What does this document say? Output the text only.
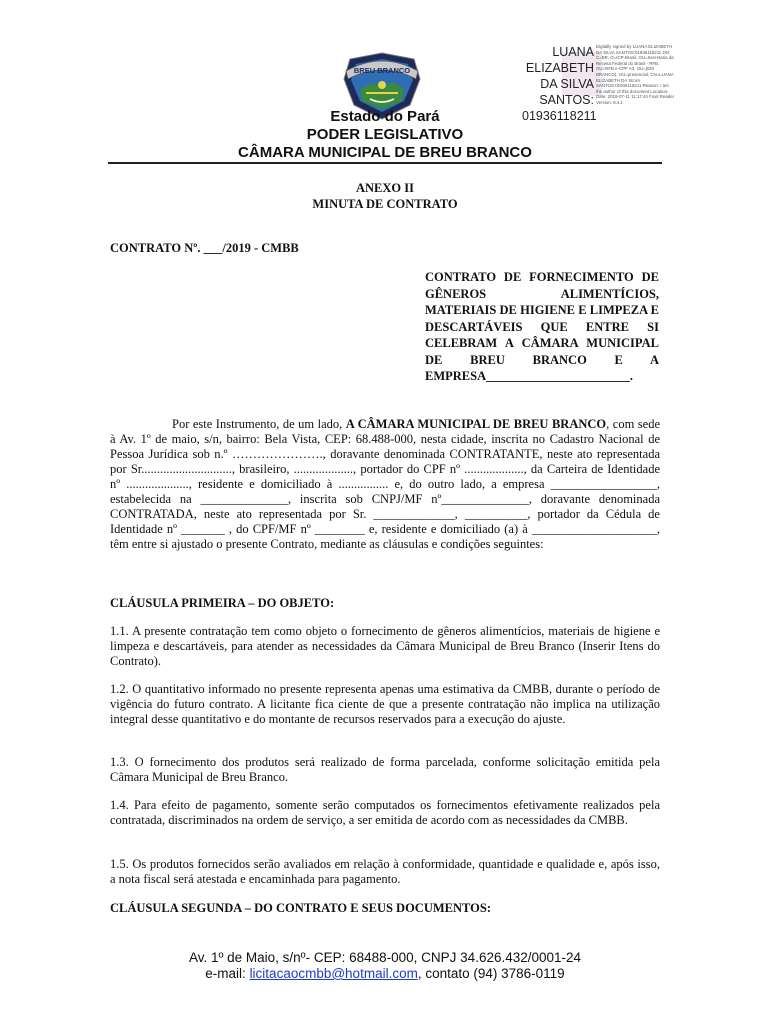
BREU BRANCO
LUANA
ELIZABETH
DA SILVA
SANTOS:
01936118211
Digitally signed by LUANA ELIZABETH DA SILVA SANTOS:01936118211 DN: C=BR, O=ICP-Brasil, OU=Secretaria da Receita Federal do Brasil - RFB, OU=RFB e-CPF A3, OU=(EM BRANCO), OU=presencial, CN=LUANA ELIZABETH DA SILVA SANTOS:01936118211 Reason: I am the author of this document Location: Date: 2019-07-11 11:17:44 Foxit Reader Version: 9.4.1
Estado do Pará
PODER LEGISLATIVO
CÂMARA MUNICIPAL DE BREU BRANCO
ANEXO II
MINUTA DE CONTRATO
CONTRATO Nº. ___/2019 - CMBB
CONTRATO DE FORNECIMENTO DE GÊNEROS ALIMENTÍCIOS, MATERIAIS DE HIGIENE E LIMPEZA E DESCARTÁVEIS QUE ENTRE SI CELEBRAM A CÂMARA MUNICIPAL DE BREU BRANCO E A EMPRESA_______________________.
Por este Instrumento, de um lado, A CÂMARA MUNICIPAL DE BREU BRANCO, com sede à Av. 1º de maio, s/n, bairro: Bela Vista, CEP: 68.488-000, nesta cidade, inscrita no Cadastro Nacional de Pessoa Jurídica sob n.º …………………., doravante denominada CONTRATANTE, neste ato representada por Sr............................., brasileiro, ..................., portador do CPF nº ..................., da Carteira de Identidade nº ...................., residente e domiciliado à ................ e, do outro lado, a empresa _________________, estabelecida na ______________, inscrita sob CNPJ/MF nº______________, doravante denominada CONTRATADA, neste ato representada por Sr. _____________, __________, portador da Cédula de Identidade nº _______ , do CPF/MF nº ________ e, residente e domiciliado (a) à ____________________, têm entre si ajustado o presente Contrato, mediante as cláusulas e condições seguintes:
CLÁUSULA PRIMEIRA – DO OBJETO:
1.1. A presente contratação tem como objeto o fornecimento de gêneros alimentícios, materiais de higiene e limpeza e descartáveis, para atender as necessidades da Câmara Municipal de Breu Branco (Inserir Itens do Contrato).
1.2. O quantitativo informado no presente representa apenas uma estimativa da CMBB, durante o período de vigência do futuro contrato. A licitante fica ciente de que a presente contratação não implica na utilização integral desse quantitativo e do montante de recursos reservados para a execução do ajuste.
1.3. O fornecimento dos produtos será realizado de forma parcelada, conforme solicitação emitida pela Câmara Municipal de Breu Branco.
1.4. Para efeito de pagamento, somente serão computados os fornecimentos efetivamente realizados pela contratada, discriminados na ordem de serviço, a ser emitida de acordo com as necessidades da CMBB.
1.5. Os produtos fornecidos serão avaliados em relação à conformidade, quantidade e qualidade e, após isso, a nota fiscal será atestada e encaminhada para pagamento.
CLÁUSULA SEGUNDA – DO CONTRATO E SEUS DOCUMENTOS:
Av. 1º de Maio, s/nº- CEP: 68488-000, CNPJ 34.626.432/0001-24
e-mail: licitacaocmbb@hotmail.com, contato (94) 3786-0119
